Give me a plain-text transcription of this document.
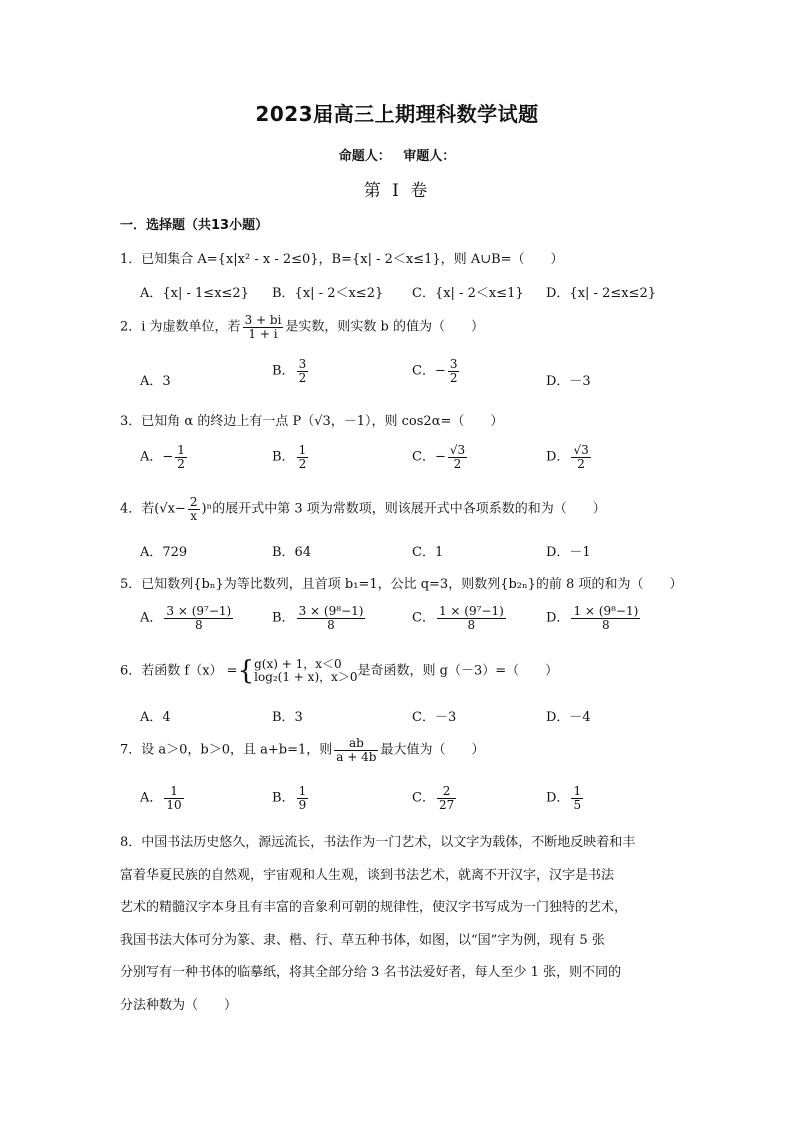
2023届高三上期理科数学试题
命题人： 审题人：
第 I 卷
一．选择题（共13小题）
1．已知集合 A={x|x² - x - 2≤0}，B={x| - 2＜x≤1}，则 A∪B=（　　）
A．{x| - 1≤x≤2} B．{x| - 2＜x≤2} C．{x| - 2＜x≤1} D．{x| - 2≤x≤2}
2．i 为虚数单位，若 $\frac{3 + bi}{1 + i}$ 是实数，则实数 b 的值为（　　）
A．3
B． $\frac{3}{2}$	C．− $\frac{3}{2}$	D．－3
3．已知角 α 的终边上有一点 P（√3，－1），则 cos2α=（　　）
A．− $\frac{1}{2}$	B． $\frac{1}{2}$	C．− $\frac{√3}{2}$	D． $\frac{√3}{2}$
4．若$(√x- \frac{2}{x} )^n$的展开式中第 3 项为常数项，则该展开式中各项系数的和为（　　）
A．729	B．64	C．1	D．－1
5．已知数列{bₙ}为等比数列，且首项 b₁=1，公比 q=3，则数列{b₂ₙ}的前 8 项的和为（　　）
A． $\frac{\text{3 × (9⁷−1)}}{8}$	B． $\frac{\text{3 × (9⁸−1)}}{8}$	C． $\frac{\text{1 × (9⁷−1)}}{8}$	D． $\frac{\text{1 × (9⁸−1)}}{8}$
6．若函数 f（x） ={ g(x) + 1，x＜0
log₂(1 + x)，x＞0 是奇函数，则 g（－3）=（　　）
A．4	B．3	C．－3	D．－4
7．设 a＞0，b＞0，且 a+b=1，则 $\frac{ab}{a + 4b}$ 最大值为（　　）
A． $\frac{1}{10}$	B． $\frac{1}{9}$	C． $\frac{2}{27}$	D． $\frac{1}{5}$
8．中国书法历史悠久，源远流长，书法作为一门艺术，以文字为载体，不断地反映着和丰
富着华夏民族的自然观，宇宙观和人生观，谈到书法艺术，就离不开汉字，汉字是书法
艺术的精髓汉字本身且有丰富的音象利可朝的规律性，使汉字书写成为一门独特的艺术，
我国书法大体可分为篆、隶、楷、行、草五种书体，如图，以“国”字为例，现有 5 张
分别写有一种书体的临摹纸，将其全部分给 3 名书法爱好者，每人至少 1 张，则不同的
分法种数为（　　）
